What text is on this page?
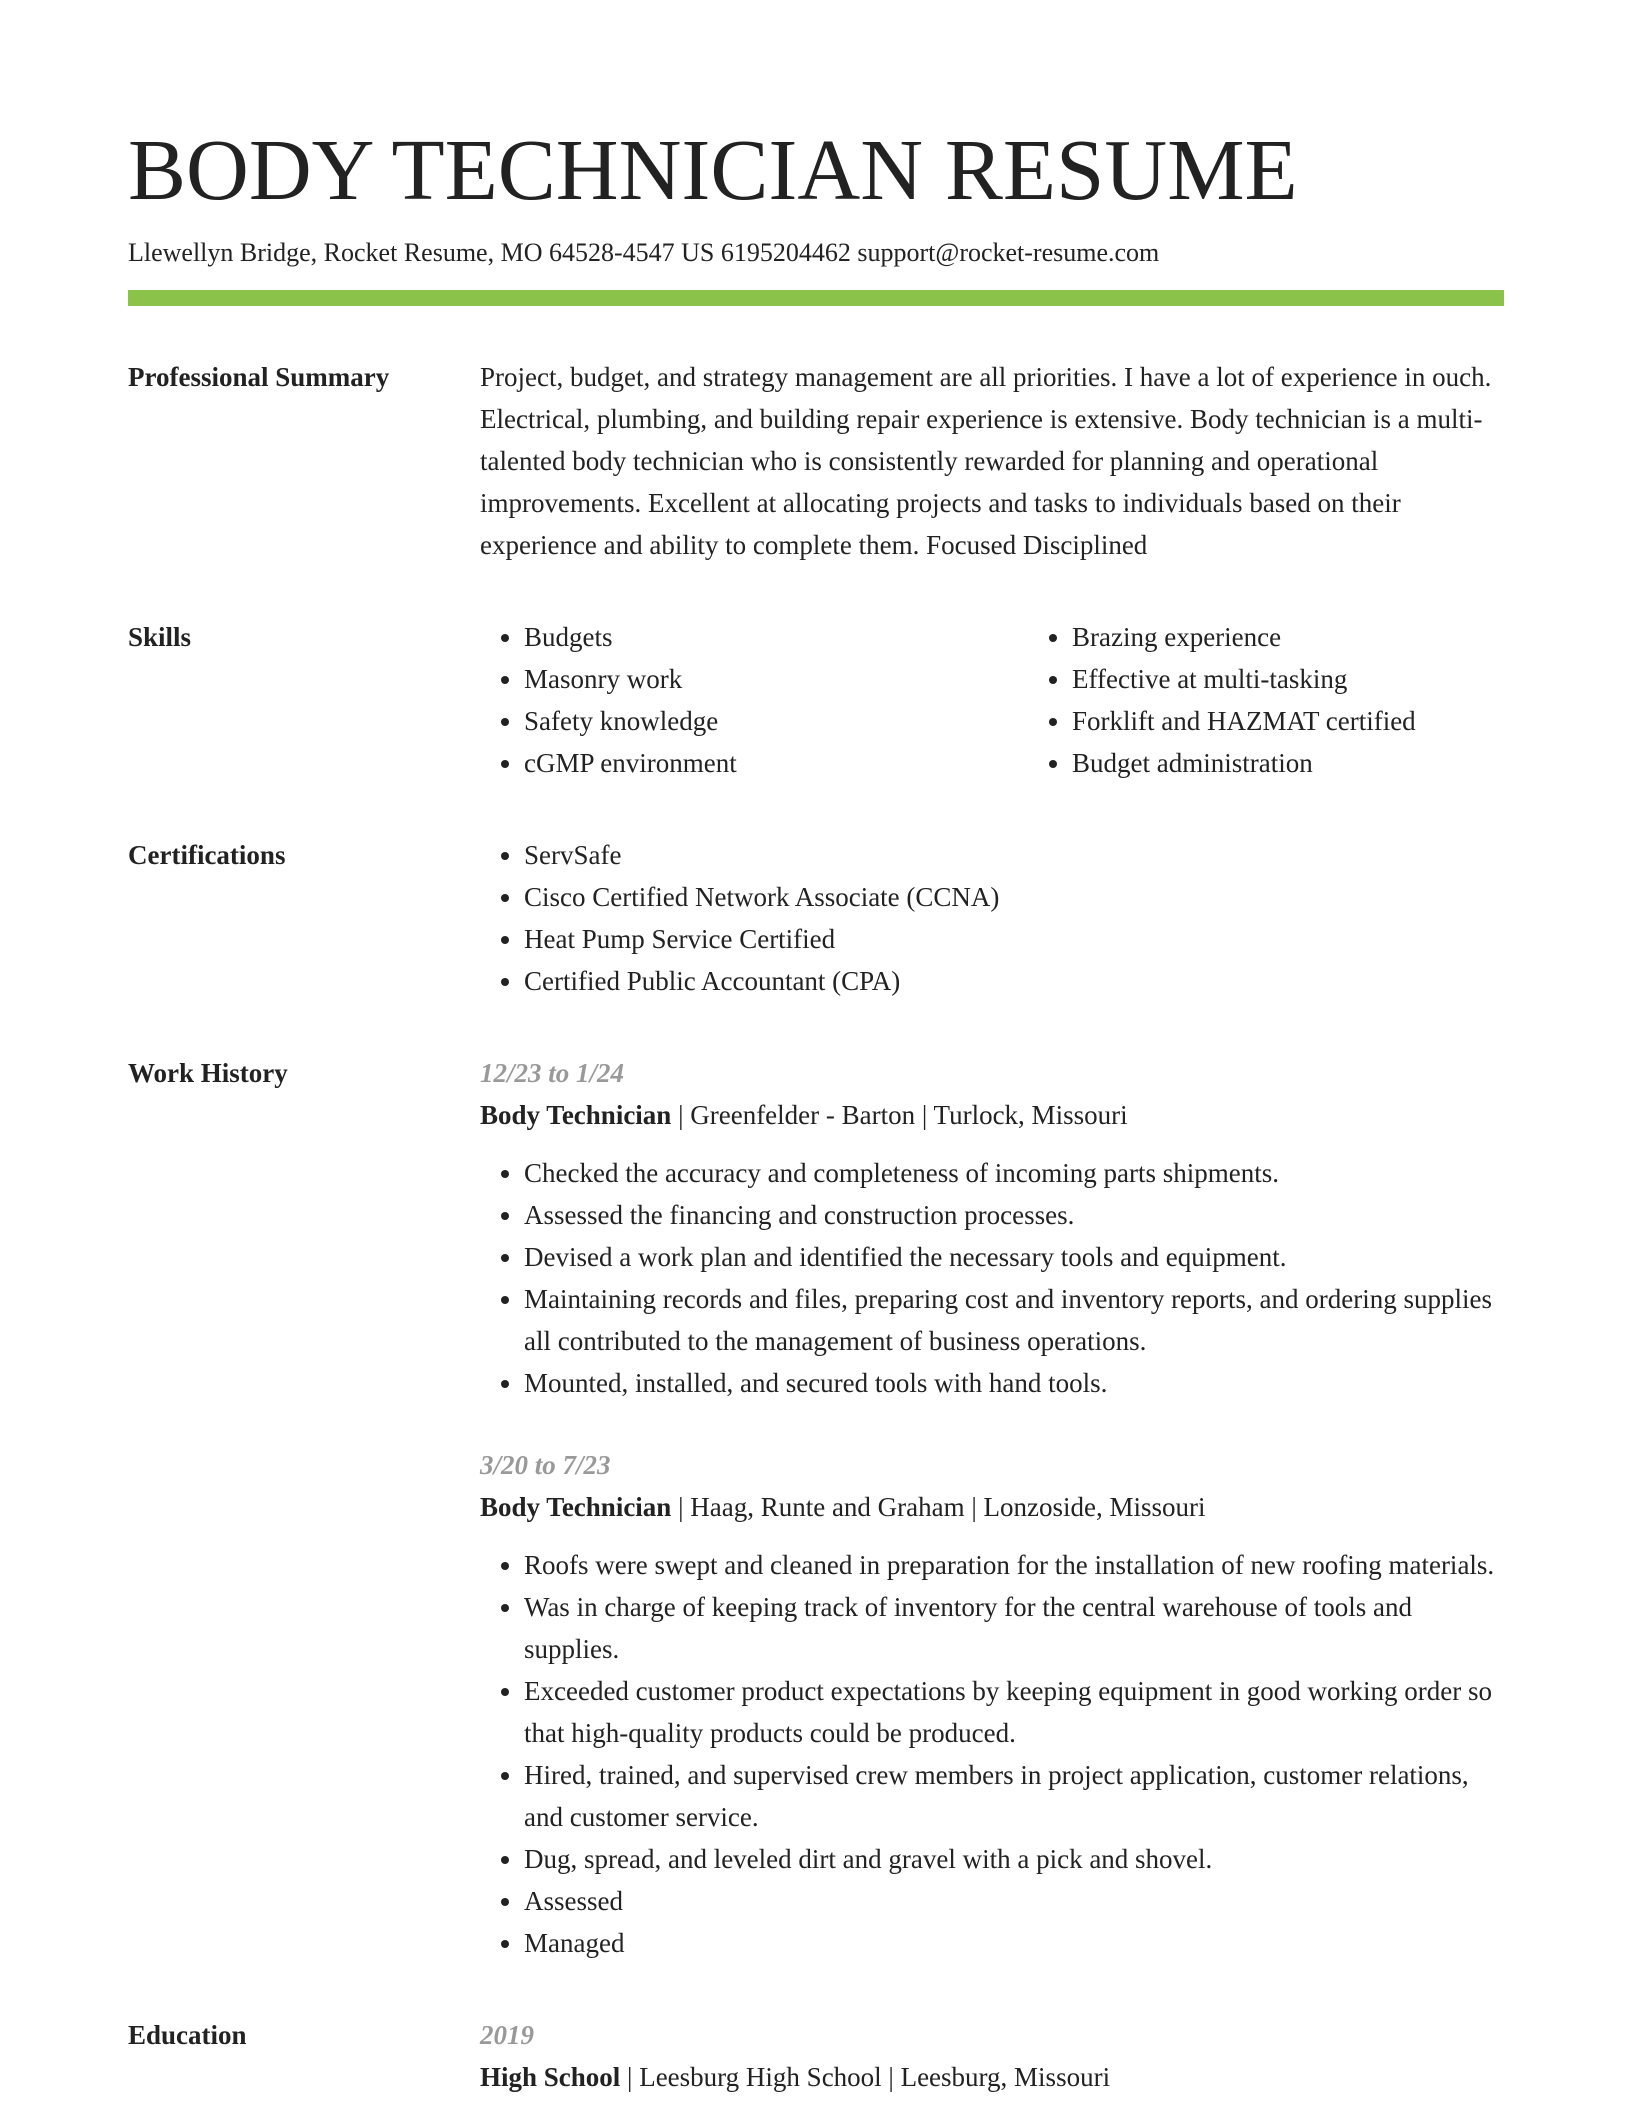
BODY TECHNICIAN RESUME
Llewellyn Bridge, Rocket Resume, MO 64528-4547 US 6195204462 support@rocket-resume.com
Professional Summary	Project, budget, and strategy management are all priorities. I have a lot of experience in ouch. Electrical, plumbing, and building repair experience is extensive. Body technician is a multi-talented body technician who is consistently rewarded for planning and operational improvements. Excellent at allocating projects and tasks to individuals based on their experience and ability to complete them. Focused Disciplined

Skills	• Budgets
• Masonry work
• Safety knowledge
• cGMP environment
• Brazing experience
• Effective at multi-tasking
• Forklift and HAZMAT certified
• Budget administration
Certifications	• ServSafe
• Cisco Certified Network Associate (CCNA)
• Heat Pump Service Certified
• Certified Public Accountant (CPA)
Work History	12/23 to 1/24

Body Technician | Greenfelder - Barton | Turlock, Missouri

• Checked the accuracy and completeness of incoming parts shipments.
• Assessed the financing and construction processes.
• Devised a work plan and identified the necessary tools and equipment.
• Maintaining records and files, preparing cost and inventory reports, and ordering supplies all contributed to the management of business operations.
• Mounted, installed, and secured tools with hand tools.
3/20 to 7/23

Body Technician | Haag, Runte and Graham | Lonzoside, Missouri

• Roofs were swept and cleaned in preparation for the installation of new roofing materials.
• Was in charge of keeping track of inventory for the central warehouse of tools and supplies.
• Exceeded customer product expectations by keeping equipment in good working order so that high-quality products could be produced.
• Hired, trained, and supervised crew members in project application, customer relations, and customer service.
• Dug, spread, and leveled dirt and gravel with a pick and shovel.
• Assessed
• Managed
Education	2019

High School | Leesburg High School | Leesburg, Missouri
